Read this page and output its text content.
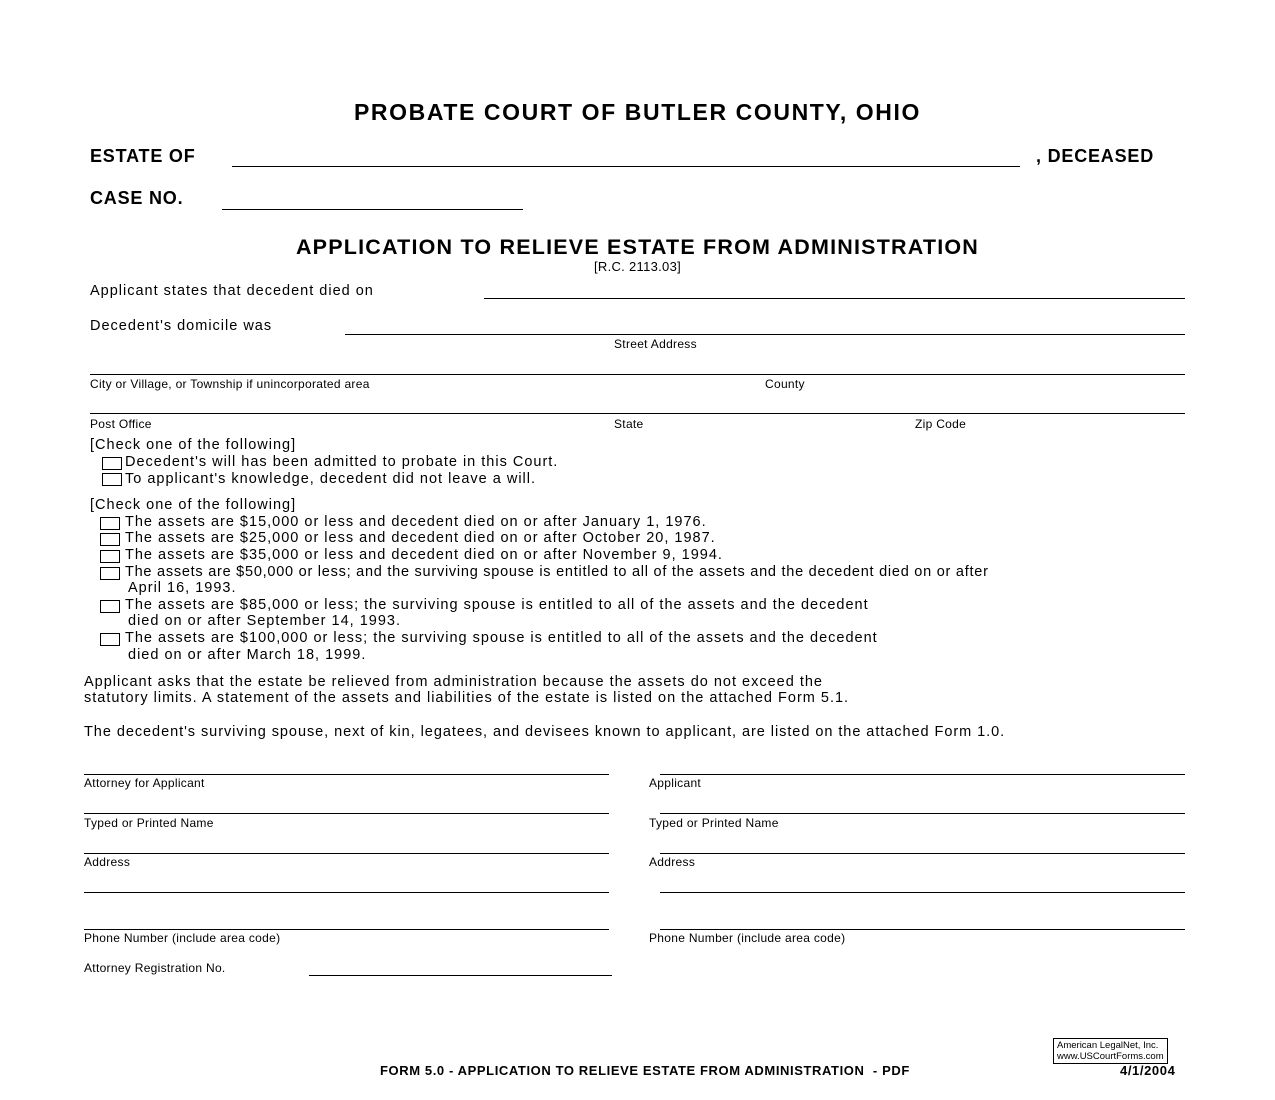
PROBATE COURT OF BUTLER COUNTY, OHIO
ESTATE OF	, DECEASED
CASE NO.
APPLICATION TO RELIEVE ESTATE FROM ADMINISTRATION
[R.C. 2113.03]
Applicant states that decedent died on
Decedent's domicile was
Street Address
City or Village, or Township if unincorporated area	County
Post Office	State	Zip Code
[Check one of the following]
Decedent's will has been admitted to probate in this Court.
To applicant's knowledge, decedent did not leave a will.
[Check one of the following]
The assets are $15,000 or less and decedent died on or after January 1, 1976.
The assets are $25,000 or less and decedent died on or after October 20, 1987.
The assets are $35,000 or less and decedent died on or after November 9, 1994.
The assets are $50,000 or less; and the surviving spouse is entitled to all of the assets and the decedent died on or after
April 16, 1993.
The assets are $85,000 or less; the surviving spouse is entitled to all of the assets and the decedent
died on or after September 14, 1993.
The assets are $100,000 or less; the surviving spouse is entitled to all of the assets and the decedent
died on or after March 18, 1999.
Applicant asks that the estate be relieved from administration because the assets do not exceed the
statutory limits. A statement of the assets and liabilities of the estate is listed on the attached Form 5.1.
The decedent's surviving spouse, next of kin, legatees, and devisees known to applicant, are listed on the attached Form 1.0.
Attorney for Applicant
Typed or Printed Name
Address
Phone Number (include area code)
Attorney Registration No.
Applicant
Typed or Printed Name
Address
Phone Number (include area code)
American LegalNet, Inc.
www.USCourtForms.com
FORM 5.0 - APPLICATION TO RELIEVE ESTATE FROM ADMINISTRATION  - PDF	4/1/2004
